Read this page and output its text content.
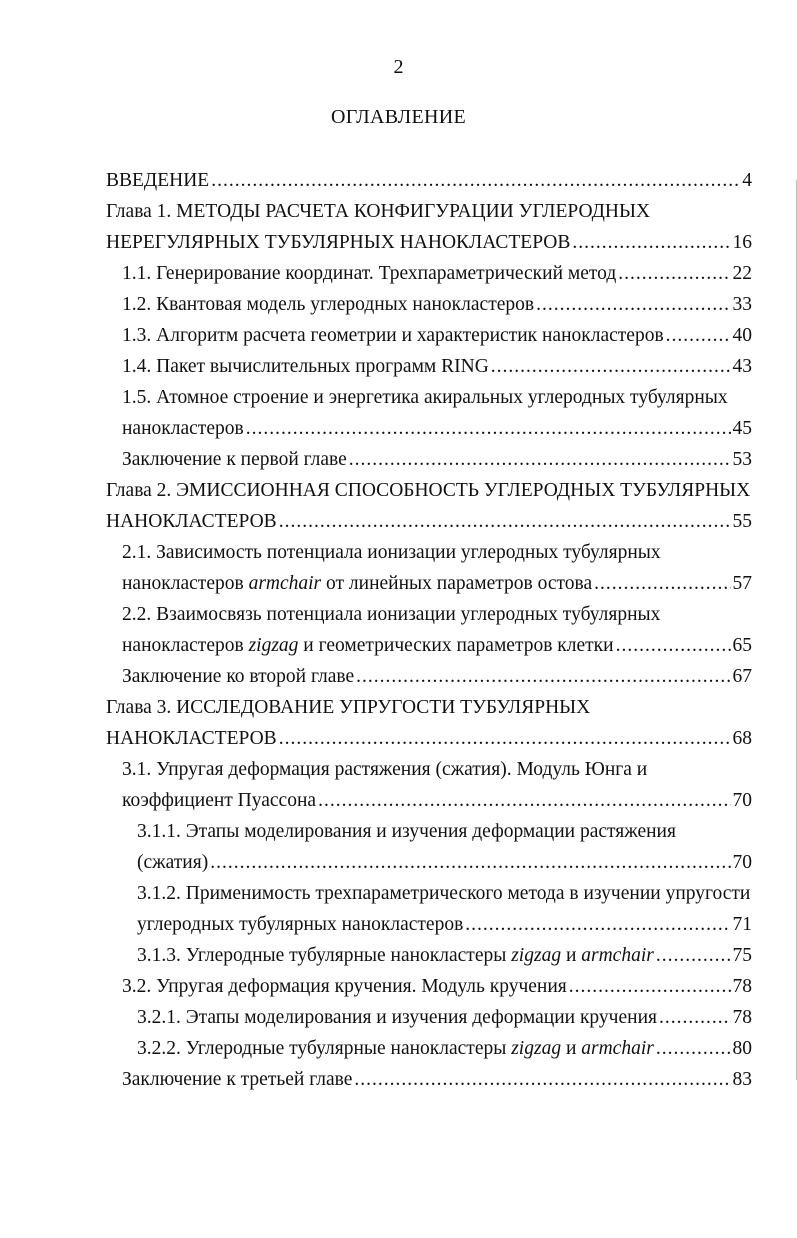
2
ОГЛАВЛЕНИЕ
ВВЕДЕНИЕ .....	4
Глава 1. МЕТОДЫ РАСЧЕТА КОНФИГУРАЦИИ УГЛЕРОДНЫХ
НЕРЕГУЛЯРНЫХ ТУБУЛЯРНЫХ НАНОКЛАСТЕРОВ .....	16
1.1. Генерирование координат. Трехпараметрический метод .....	22
1.2. Квантовая модель углеродных нанокластеров .....	33
1.3. Алгоритм расчета геометрии и характеристик нанокластеров .....	40
1.4. Пакет вычислительных программ RING .....	43
1.5. Атомное строение и энергетика акиральных углеродных тубулярных
нанокластеров .....	45
Заключение к первой главе .....	53
Глава 2. ЭМИССИОННАЯ СПОСОБНОСТЬ УГЛЕРОДНЫХ ТУБУЛЯРНЫХ
НАНОКЛАСТЕРОВ .....	55
2.1. Зависимость потенциала ионизации углеродных тубулярных
нанокластеров armchair от линейных параметров остова .....	57
2.2. Взаимосвязь потенциала ионизации углеродных тубулярных
нанокластеров zigzag и геометрических параметров клетки .....	65
Заключение ко второй главе .....	67
Глава 3. ИССЛЕДОВАНИЕ УПРУГОСТИ ТУБУЛЯРНЫХ
НАНОКЛАСТЕРОВ .....	68
3.1. Упругая деформация растяжения (сжатия). Модуль Юнга и
коэффициент Пуассона .....	70
3.1.1. Этапы моделирования и изучения деформации растяжения
(сжатия) .....	70
3.1.2. Применимость трехпараметрического метода в изучении упругости
углеродных тубулярных нанокластеров .....	71
3.1.3. Углеродные тубулярные нанокластеры zigzag и armchair .....	75
3.2. Упругая деформация кручения. Модуль кручения .....	78
3.2.1. Этапы моделирования и изучения деформации кручения .....	78
3.2.2. Углеродные тубулярные нанокластеры zigzag и armchair .....	80
Заключение к третьей главе .....	83
